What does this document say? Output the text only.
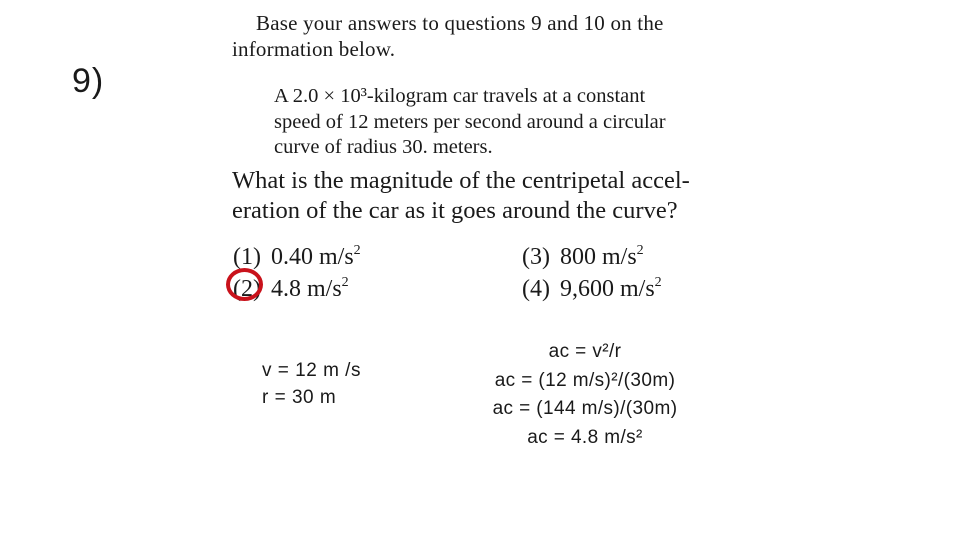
9)
Base your answers to questions 9 and 10 on the
information below.
A 2.0 × 10³-kilogram car travels at a constant
speed of 12 meters per second around a circular
curve of radius 30. meters.
What is the magnitude of the centripetal accel-
eration of the car as it goes around the curve?
(1) 0.40 $m/s^2$
(2) 4.8 $m/s^2$
(3) 800 $m/s^2$
(4) 9,600 $m/s^2$
v = 12 m /s
r = 30 m
ac = v²/r
ac = (12 m/s)²/(30m)
ac = (144 m/s)/(30m)
ac = 4.8 m/s²
